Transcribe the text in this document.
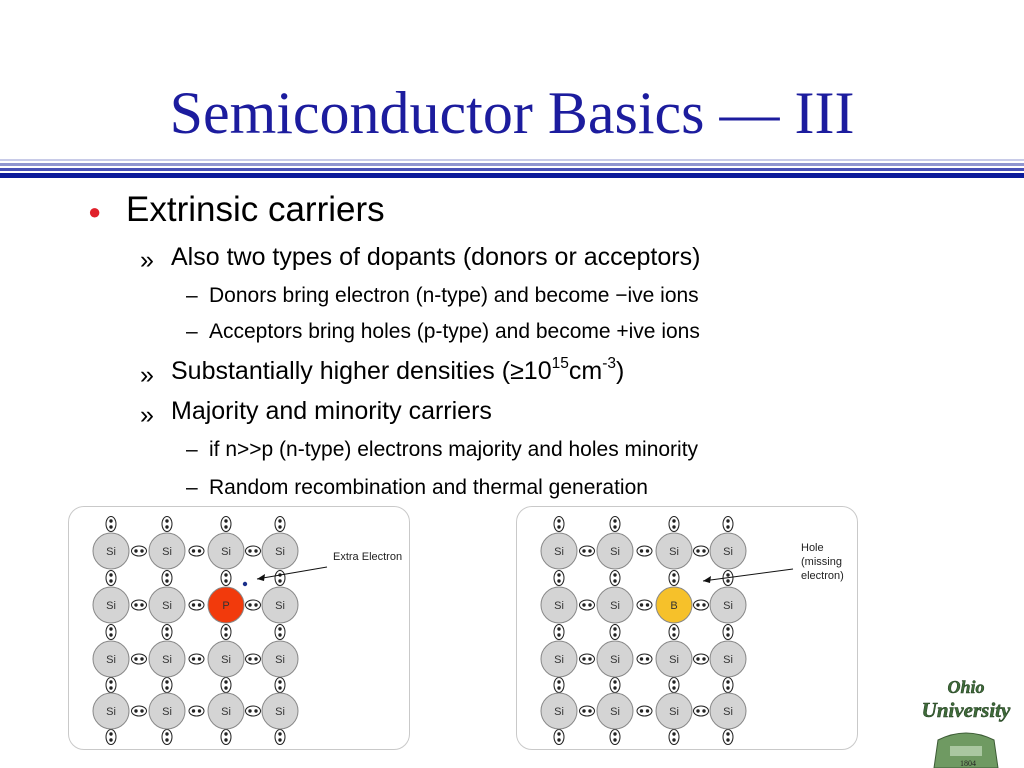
Semiconductor Basics — III
● Extrinsic carriers
» Also two types of dopants (donors or acceptors)
– Donors bring electron (n-type) and become −ive ions
– Acceptors bring holes (p-type) and become +ive ions
» Substantially higher densities $(\ge 10^{15}cm^{-3})$
» Majority and minority carriers
– if n>>p (n-type) electrons majority and holes minority
– Random recombination and thermal generation
Si	Si	Si	Si
Si	Si	P	Si
Si	Si	Si	Si
Si	Si	Si	Si
Extra Electron	Si	Si	Si	Si
Si	Si	B	Si
Si	Si	Si	Si
Si	Si	Si	Si
Hole (missing electron)
Ohio
University
1804
